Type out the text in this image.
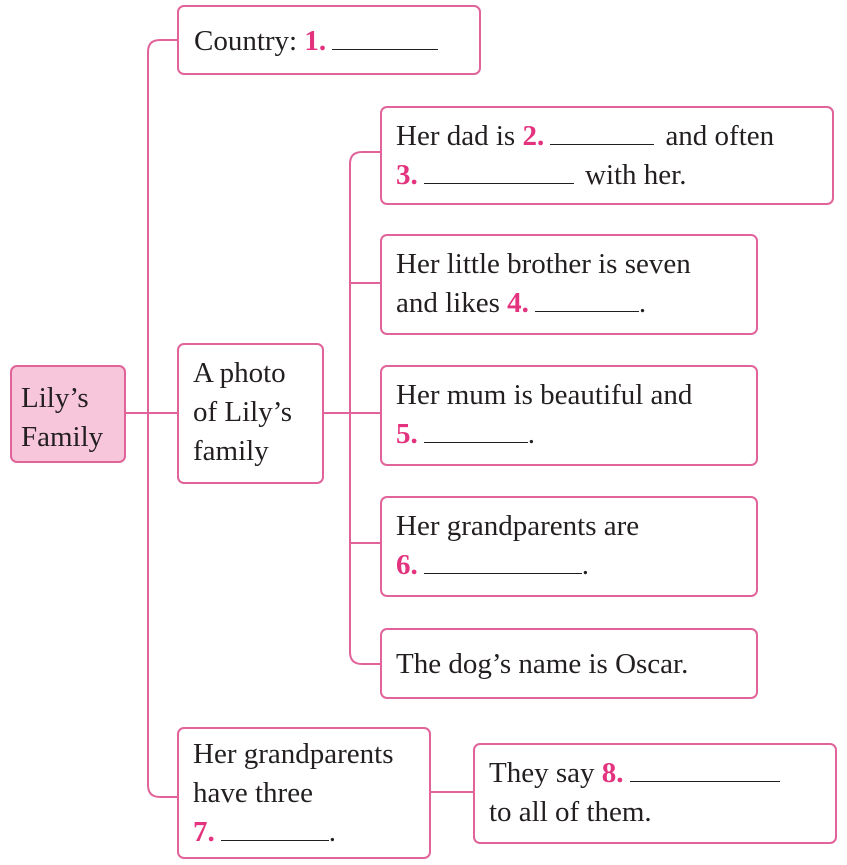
Lily’s
Family
Country: 1.
A photo
of Lily’s
family
Her dad is 2.	and often
3.	with her.
Her little brother is seven
and likes 4.	.
Her mum is beautiful and
5.	.
Her grandparents are
6.	.
The dog’s name is Oscar.
Her grandparents
have three
7.	.
They say 8.
to all of them.
